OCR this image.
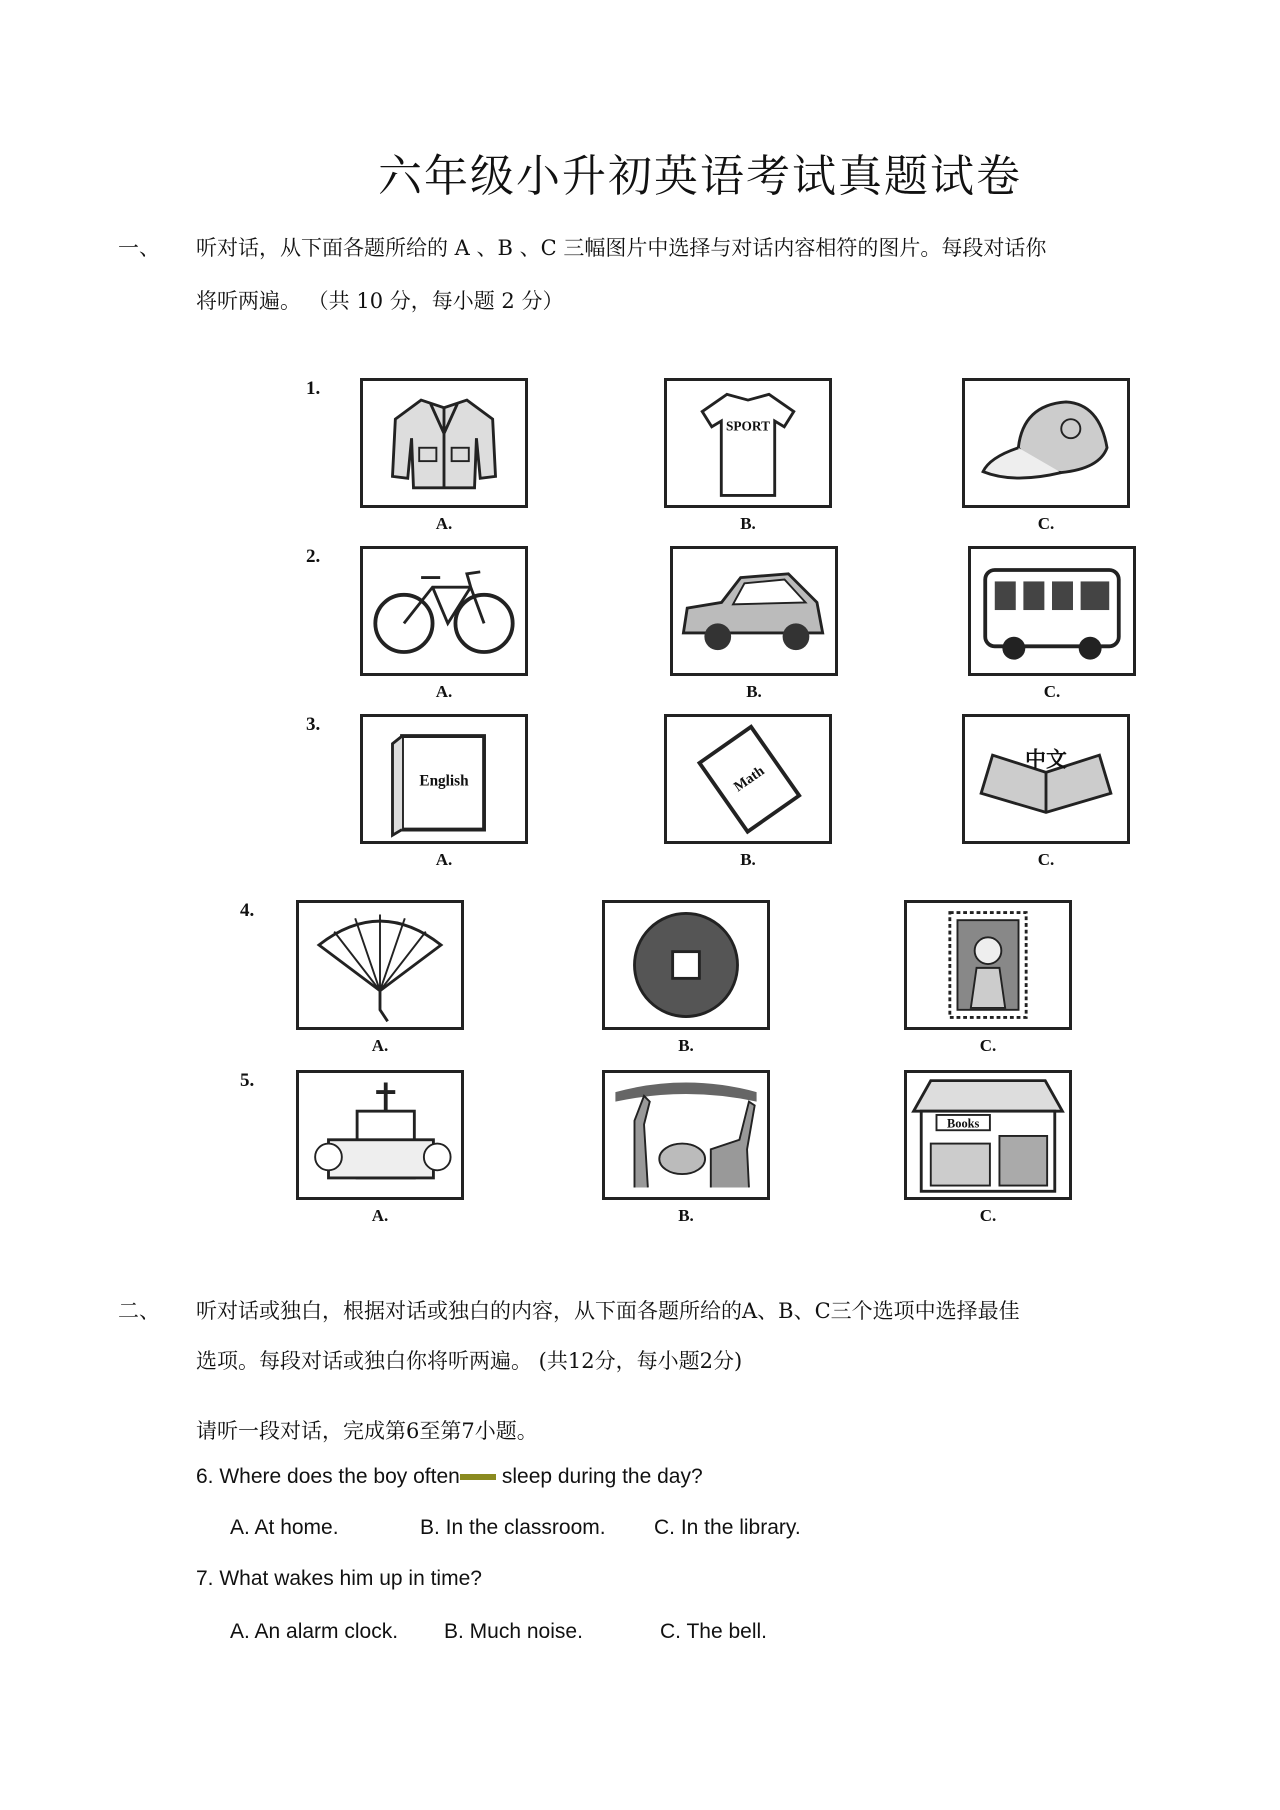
六年级小升初英语考试真题试卷
一、 听对话，从下面各题所给的 A 、B 、C 三幅图片中选择与对话内容相符的图片。每段对话你
将听两遍。 （共 10 分，每小题 2 分）
1.
SPORT
A.	B.	C.
2.
A.	B.	C.
3.
English	Math
中文
A.	B.	C.
4.
A.	B.	C.
5.
Books
A.	B.	C.
二、 听对话或独白，根据对话或独白的内容，从下面各题所给的A、B、C三个选项中选择最佳
选项。每段对话或独白你将听两遍。 (共12分，每小题2分)
请听一段对话，完成第6至第7小题。
6. Where does the boy often sleep during the day?
A. At home.	B. In the classroom. C. In the library.
7. What wakes him up in time?
A. An alarm clock. B. Much noise.	C. The bell.
